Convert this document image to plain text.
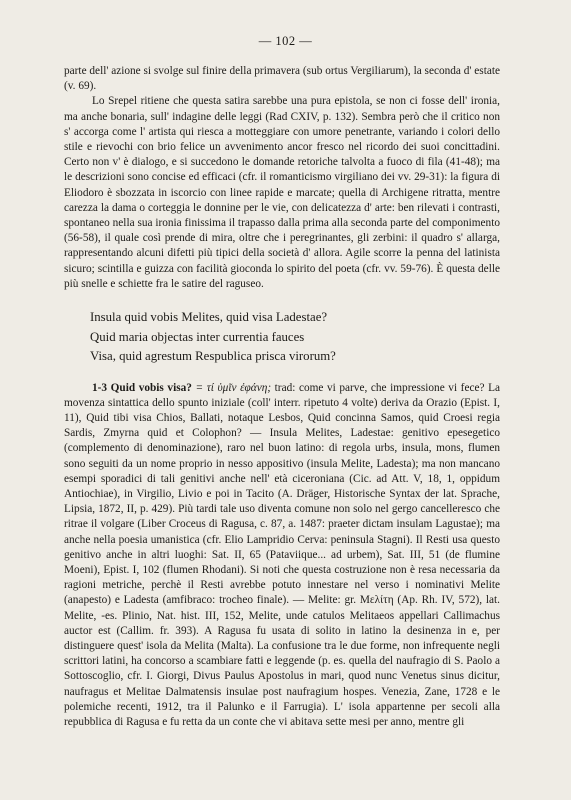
— 102 —

parte dell' azione si svolge sul finire della primavera (sub ortus Vergiliarum), la seconda d' estate (v. 69).

Lo Srepel ritiene che questa satira sarebbe una pura epistola, se non ci fosse dell' ironia, ma anche bonaria, sull' indagine delle leggi (Rad CXIV, p. 132). Sembra però che il critico non s' accorga come l' artista qui riesca a motteggiare con umore penetrante, variando i colori dello stile e rievochi con brio felice un avvenimento ancor fresco nel ricordo dei suoi concittadini. Certo non v' è dialogo, e si succedono le domande retoriche talvolta a fuoco di fila (41-48); ma le descrizioni sono concise ed efficaci (cfr. il romanticismo virgiliano dei vv. 29-31): la figura di Eliodoro è sbozzata in iscorcio con linee rapide e marcate; quella di Archigene ritratta, mentre carezza la dama o corteggia le donnine per le vie, con delicatezza d' arte: ben rilevati i contrasti, spontaneo nella sua ironia finissima il trapasso dalla prima alla seconda parte del componimento (56-58), il quale così prende di mira, oltre che i peregrinantes, gli zerbini: il quadro s' allarga, rappresentando alcuni difetti più tipici della società d' allora. Agile scorre la penna del latinista sicuro; scintilla e guizza con facilità gioconda lo spirito del poeta (cfr. vv. 59-76). È questa delle più snelle e schiette fra le satire del raguseo.

Insula quid vobis Melites, quid visa Ladestae?
Quid maria objectas inter currentia fauces
Visa, quid agrestum Respublica prisca virorum?

1-3 Quid vobis visa? = τί ὑμῖν ἐφάνη; trad: come vi parve, che impressione vi fece? La movenza sintattica dello spunto iniziale (coll' interr. ripetuto 4 volte) deriva da Orazio (Epist. I, 11), Quid tibi visa Chios, Ballati, notaque Lesbos, Quid concinna Samos, quid Croesi regia Sardis, Zmyrna quid et Colophon? — Insula Melites, Ladestae: genitivo epesegetico (complemento di denominazione), raro nel buon latino: di regola urbs, insula, mons, flumen sono seguiti da un nome proprio in nesso appositivo (insula Melite, Ladesta); ma non mancano esempi sporadici di tali genitivi anche nell' età ciceroniana (Cic. ad Att. V, 18, 1, oppidum Antiochiae), in Virgilio, Livio e poi in Tacito (A. Dräger, Historische Syntax der lat. Sprache, Lipsia, 1872, II, p. 429). Più tardi tale uso diventa comune non solo nel gergo cancelleresco che ritrae il volgare (Liber Croceus di Ragusa, c. 87, a. 1487: praeter dictam insulam Lagustae); ma anche nella poesia umanistica (cfr. Elio Lampridio Cerva: peninsula Stagni). Il Resti usa questo genitivo anche in altri luoghi: Sat. II, 65 (Pataviique... ad urbem), Sat. III, 51 (de flumine Moeni), Epist. I, 102 (flumen Rhodani). Si noti che questa costruzione non è resa necessaria da ragioni metriche, perchè il Resti avrebbe potuto innestare nel verso i nominativi Melite (anapesto) e Ladesta (amfibraco: trocheo finale). — Melite: gr. Μελίτη (Ap. Rh. IV, 572), lat. Melite, -es. Plinio, Nat. hist. III, 152, Melite, unde catulos Melitaeos appellari Callimachus auctor est (Callim. fr. 393). A Ragusa fu usata di solito in latino la desinenza in e, per distinguere quest' isola da Melita (Malta). La confusione tra le due forme, non infrequente negli scrittori latini, ha concorso a scambiare fatti e leggende (p. es. quella del naufragio di S. Paolo a Sottoscoglio, cfr. I. Giorgi, Divus Paulus Apostolus in mari, quod nunc Venetus sinus dicitur, naufragus et Melitae Dalmatensis insulae post naufragium hospes. Venezia, Zane, 1728 e le polemiche recenti, 1912, tra il Palunko e il Farrugia). L' isola appartenne per secoli alla repubblica di Ragusa e fu retta da un conte che vi abitava sette mesi per anno, mentre gli
